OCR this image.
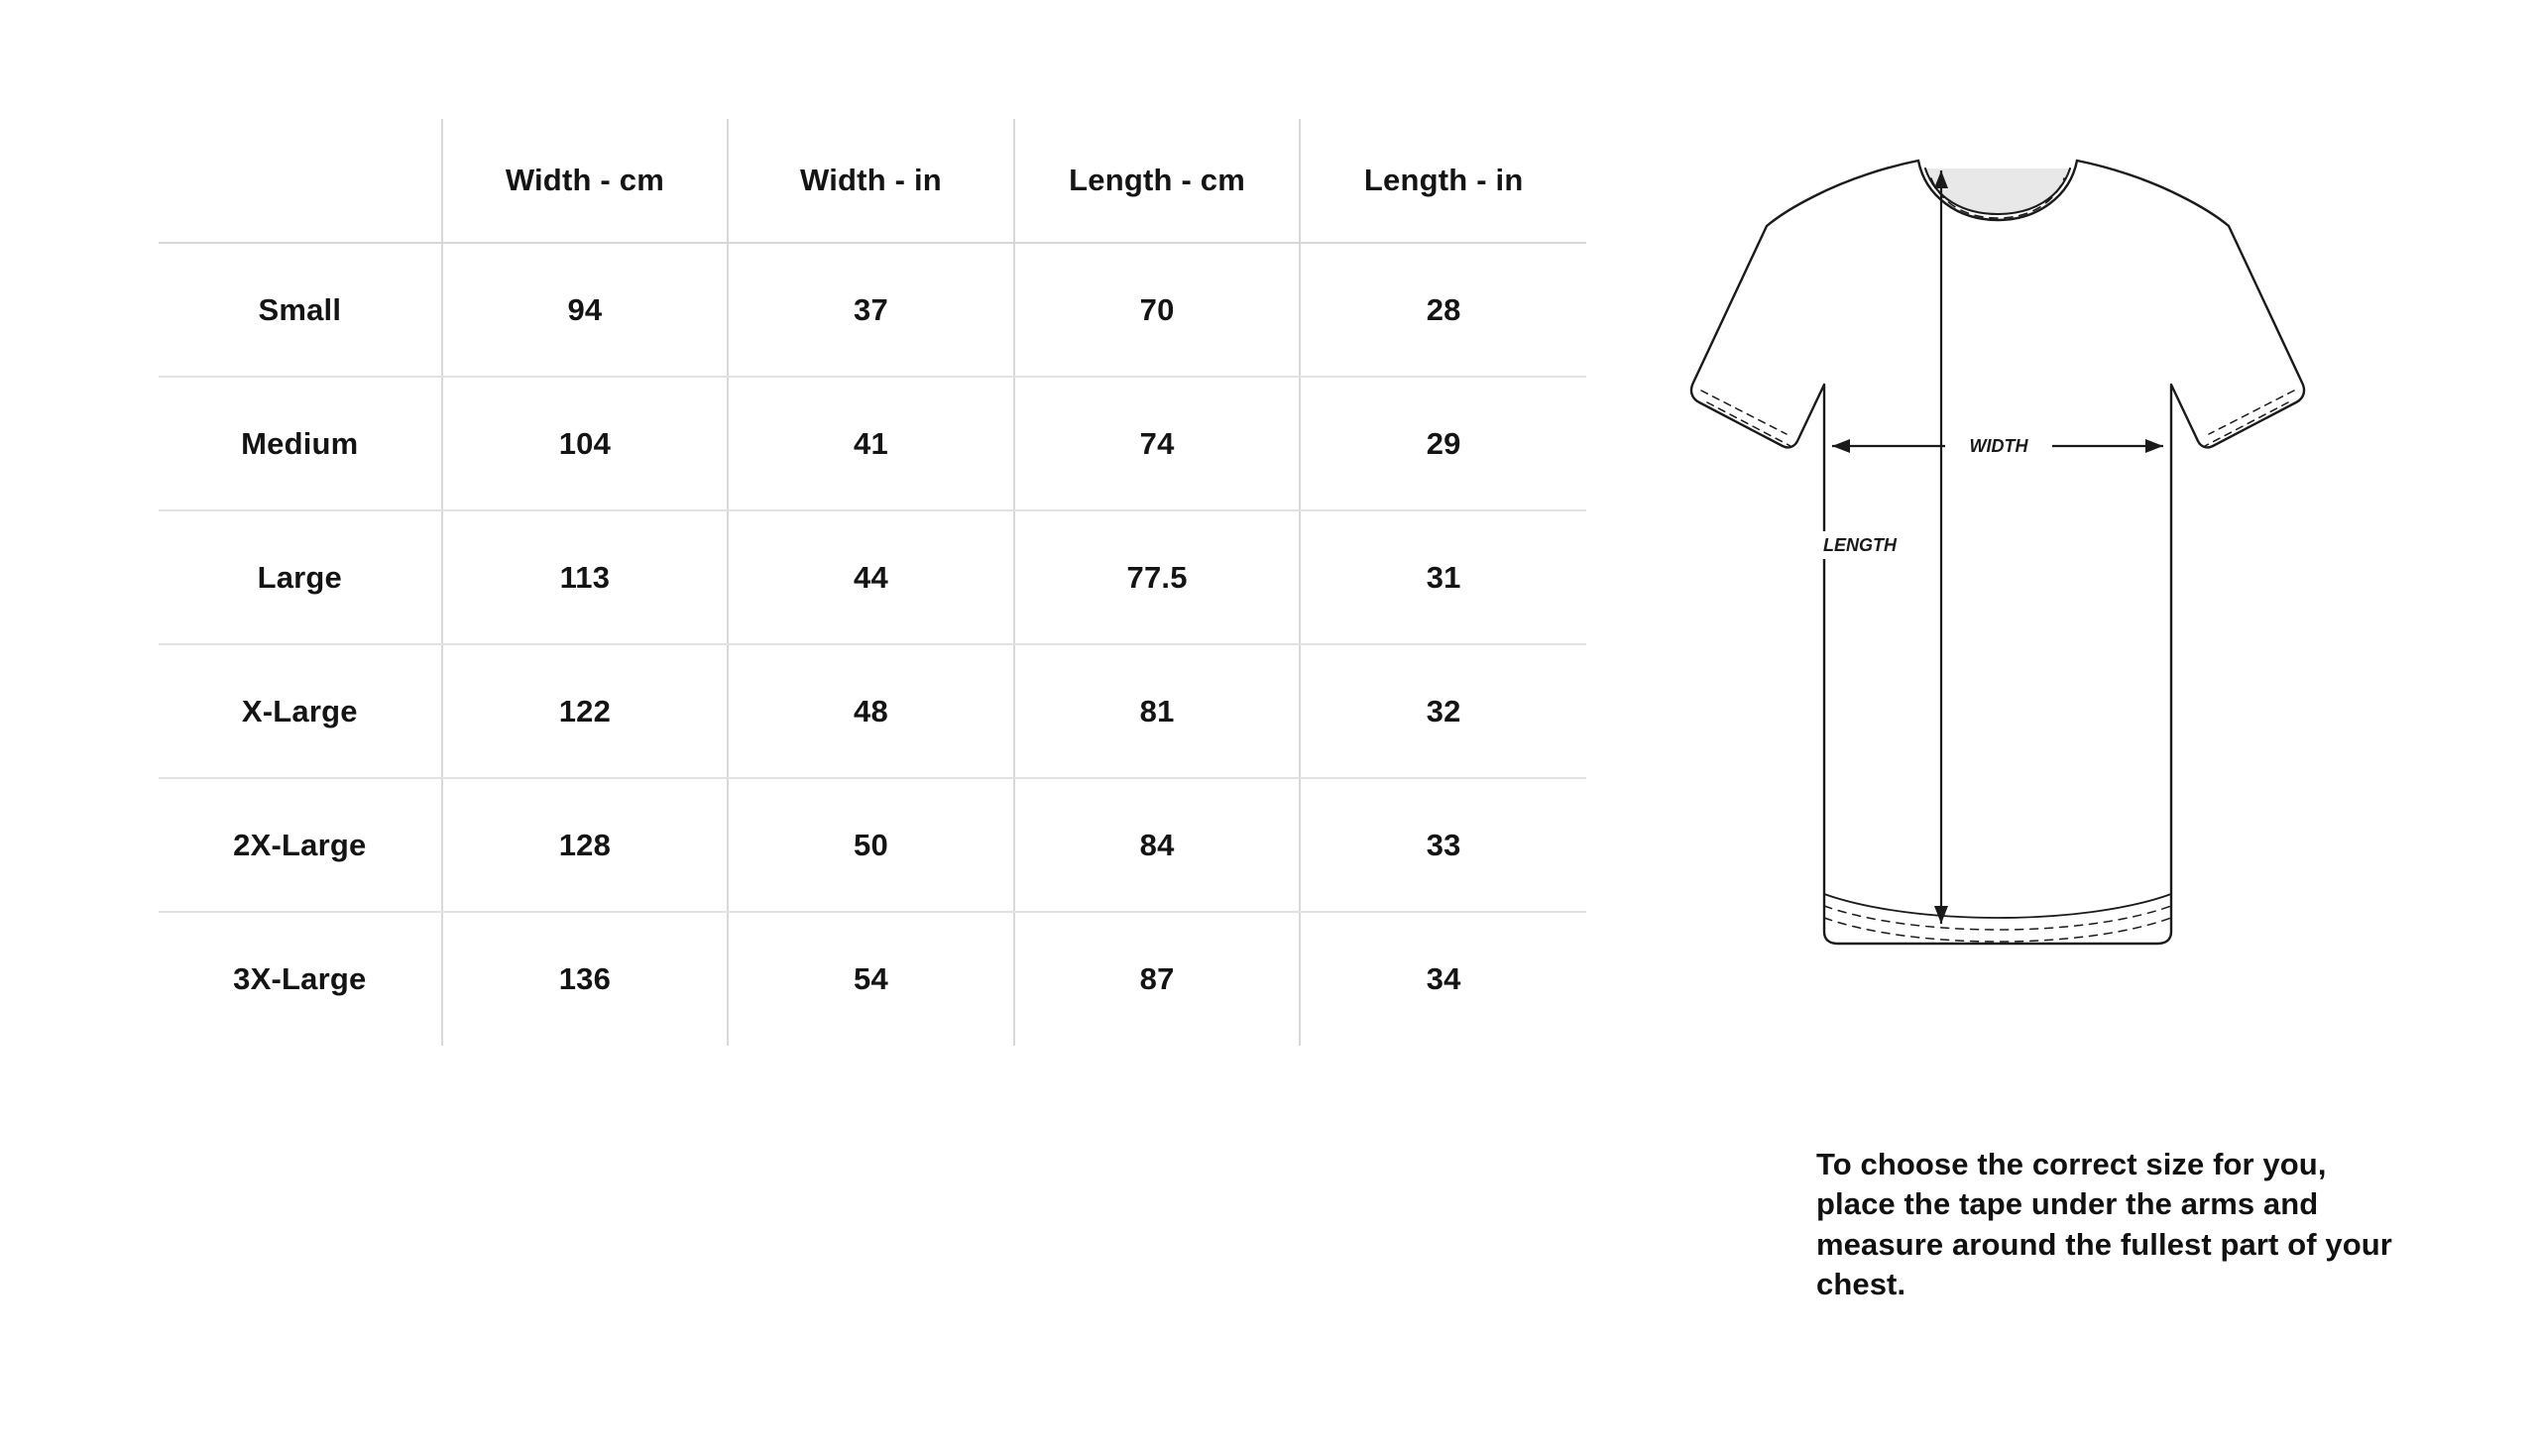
	Width - cm	Width - in	Length - cm	Length - in
Small	94	37	70	28
Medium	104	41	74	29
Large	113	44	77.5	31
X-Large	122	48	81	32
2X-Large	128	50	84	33
3X-Large	136	54	87	34
WIDTH
LENGTH
To choose the correct size for you, place the tape under the arms and measure around the fullest part of your chest.
